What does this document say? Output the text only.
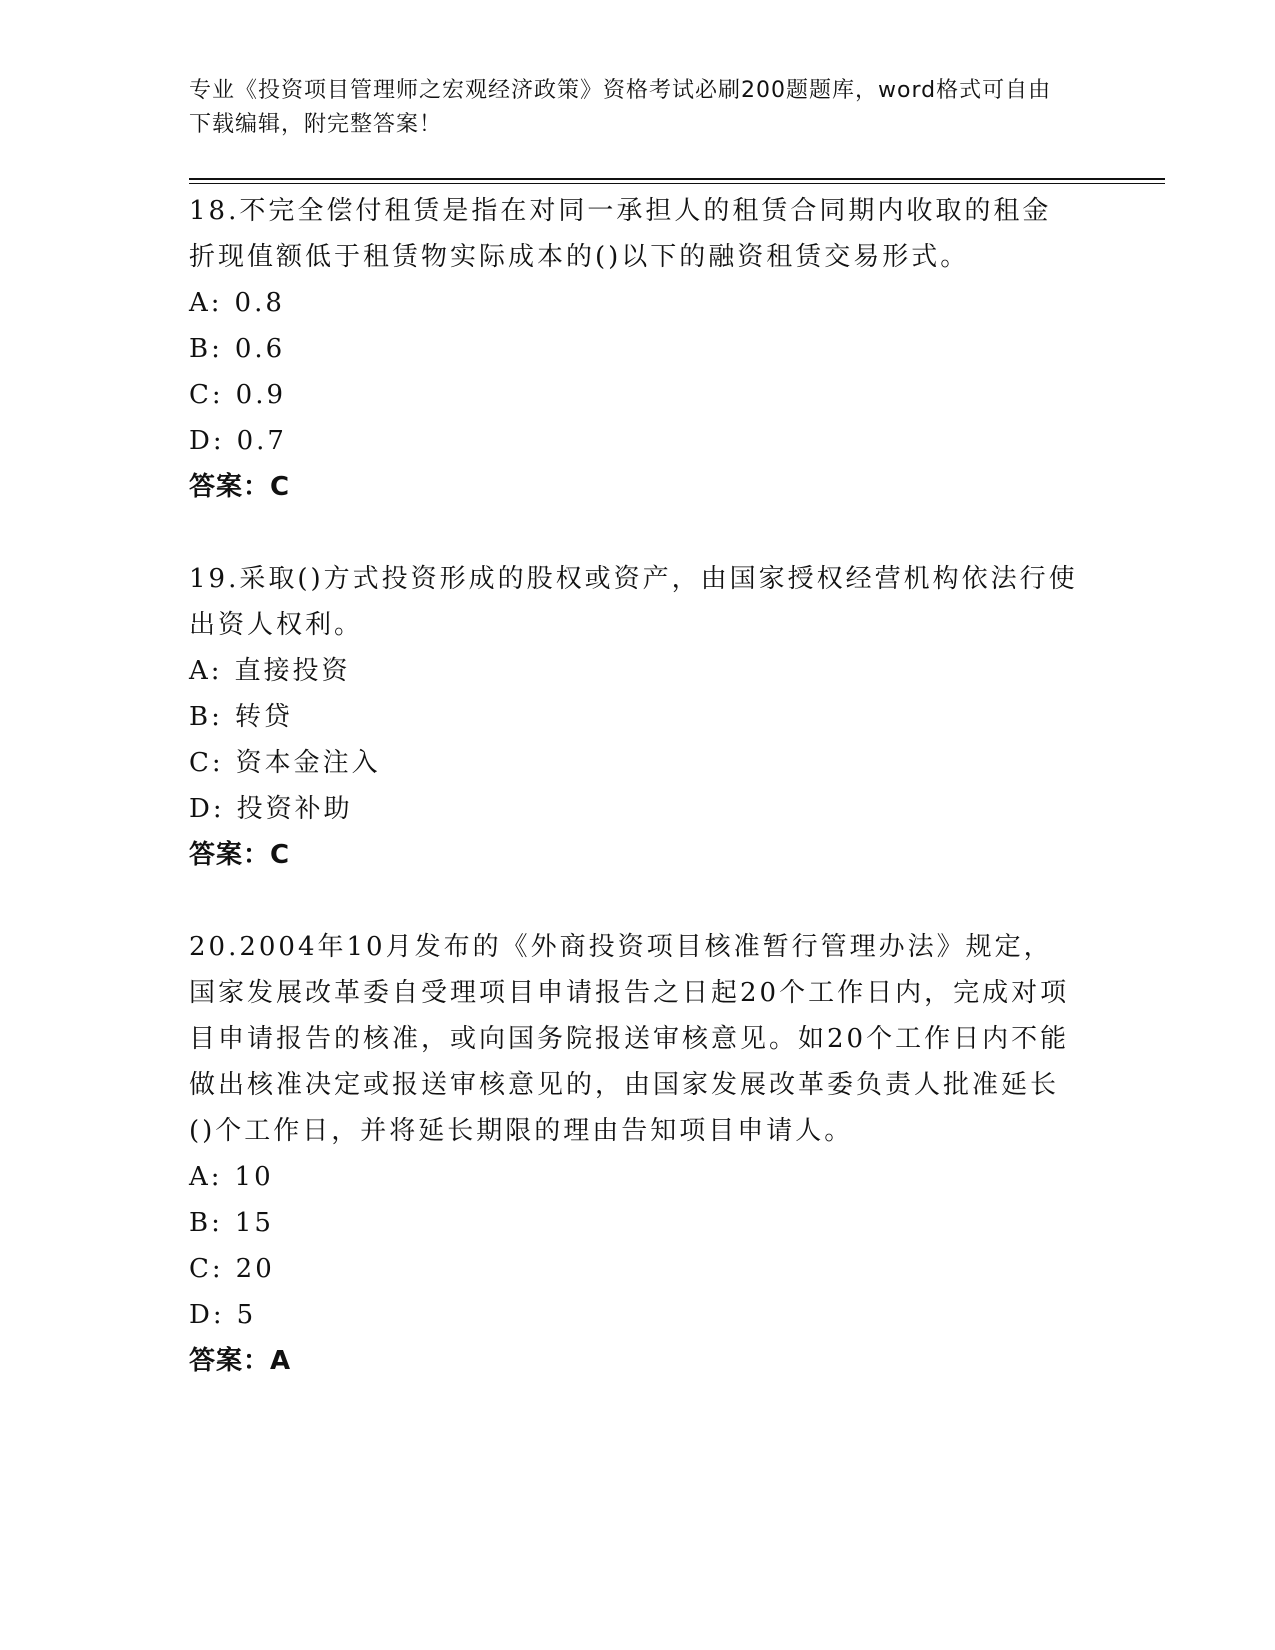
专业《投资项目管理师之宏观经济政策》资格考试必刷200题题库，word格式可自由下载编辑，附完整答案！

18.不完全偿付租赁是指在对同一承担人的租赁合同期内收取的租金折现值额低于租赁物实际成本的()以下的融资租赁交易形式。

A: 0.8
B: 0.6
C: 0.9
D: 0.7
答案：C

19.采取()方式投资形成的股权或资产，由国家授权经营机构依法行使出资人权利。

A: 直接投资
B: 转贷
C: 资本金注入
D: 投资补助
答案：C

20.2004年10月发布的《外商投资项目核准暂行管理办法》规定，国家发展改革委自受理项目申请报告之日起20个工作日内，完成对项目申请报告的核准，或向国务院报送审核意见。如20个工作日内不能做出核准决定或报送审核意见的，由国家发展改革委负责人批准延长()个工作日，并将延长期限的理由告知项目申请人。

A: 10
B: 15
C: 20
D: 5
答案：A
